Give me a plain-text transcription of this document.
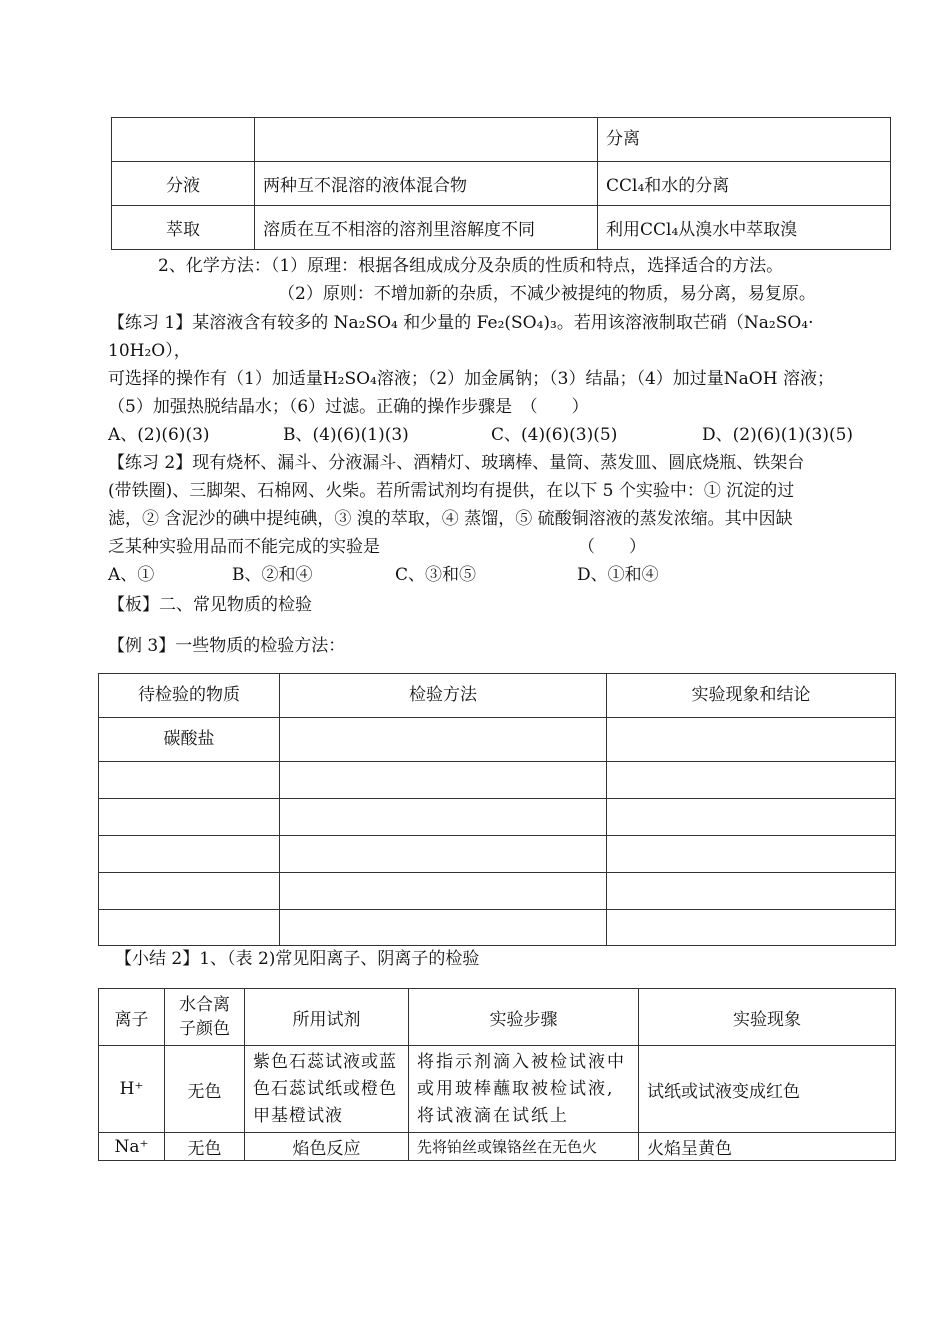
		分离
分液	两种互不混溶的液体混合物	CCl₄和水的分离
萃取	溶质在互不相溶的溶剂里溶解度不同	利用CCl₄从溴水中萃取溴
2、化学方法：（1）原理：根据各组成成分及杂质的性质和特点，选择适合的方法。
（2）原则：不增加新的杂质，不减少被提纯的物质，易分离，易复原。
【练习 1】某溶液含有较多的 Na₂SO₄ 和少量的 Fe₂(SO₄)₃。若用该溶液制取芒硝（Na₂SO₄·
10H₂O），
可选择的操作有（1）加适量H₂SO₄溶液；（2）加金属钠；（3）结晶；（4）加过量NaOH 溶液；
（5）加强热脱结晶水；（6）过滤。正确的操作步骤是　（　　）
A、(2)(6)(3)	B、(4)(6)(1)(3)	C、(4)(6)(3)(5)	D、(2)(6)(1)(3)(5)
【练习 2】现有烧杯、漏斗、分液漏斗、酒精灯、玻璃棒、量筒、蒸发皿、圆底烧瓶、铁架台
(带铁圈)、三脚架、石棉网、火柴。若所需试剂均有提供，在以下 5 个实验中：① 沉淀的过
滤，② 含泥沙的碘中提纯碘，③ 溴的萃取，④ 蒸馏，⑤ 硫酸铜溶液的蒸发浓缩。其中因缺
乏某种实验用品而不能完成的实验是	（　　）
A、①	B、②和④	C、③和⑤	D、①和④
【板】二、常见物质的检验
【例 3】一些物质的检验方法：
待检验的物质	检验方法	实验现象和结论
碳酸盐		

【小结 2】1、（表 2)常见阳离子、阴离子的检验
离子	水合离子颜色	所用试剂	实验步骤	实验现象
H⁺	无色	紫色石蕊试液或蓝色石蕊试纸或橙色甲基橙试液	将指示剂滴入被检试液中或用玻棒蘸取被检试液,将试液滴在试纸上	试纸或试液变成红色
Na⁺	无色	焰色反应	先将铂丝或镍铬丝在无色火	火焰呈黄色
